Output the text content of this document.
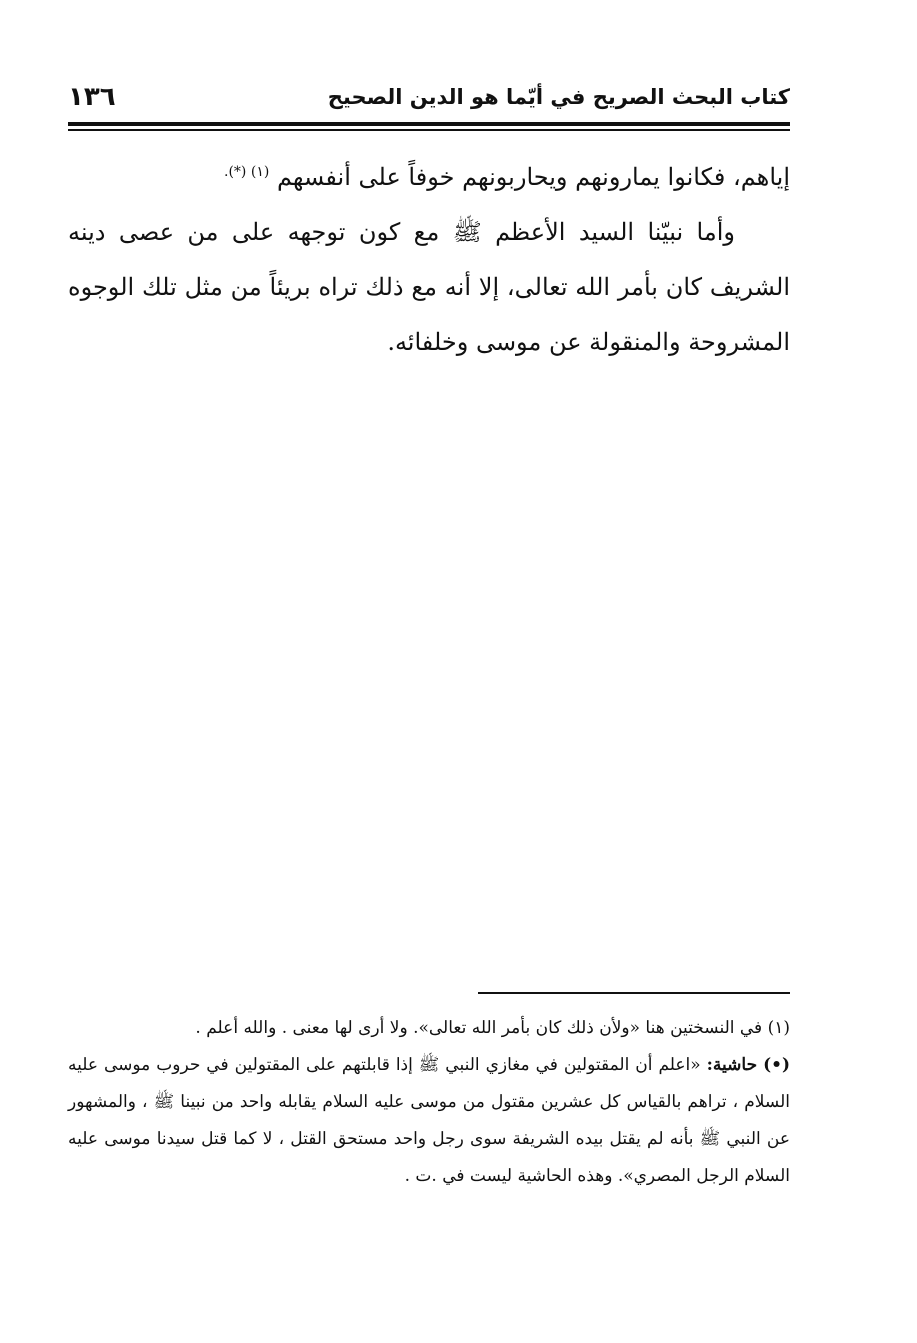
كتاب البحث الصريح في أيّما هو الدين الصحيح
١٣٦

إياهم، فكانوا يمارونهم ويحاربونهم خوفاً على أنفسهم $^{(١) (*).}$

وأما نبيّنا السيد الأعظم ﷺ مع كون توجهه على من عصى دينه الشريف كان بأمر الله تعالى، إلا أنه مع ذلك تراه بريئاً من مثل تلك الوجوه المشروحة والمنقولة عن موسى وخلفائه.

(١) في النسختين هنا «ولأن ذلك كان بأمر الله تعالى». ولا أرى لها معنى . والله أعلم .

(•) حاشية: «اعلم أن المقتولين في مغازي النبي ﷺ إذا قابلتهم على المقتولين في حروب موسى عليه السلام ، تراهم بالقياس كل عشرين مقتول من موسى عليه السلام يقابله واحد من نبينا ﷺ ، والمشهور عن النبي ﷺ بأنه لم يقتل بيده الشريفة سوى رجل واحد مستحق القتل ، لا كما قتل سيدنا موسى عليه السلام الرجل المصري». وهذه الحاشية ليست في .ت .
